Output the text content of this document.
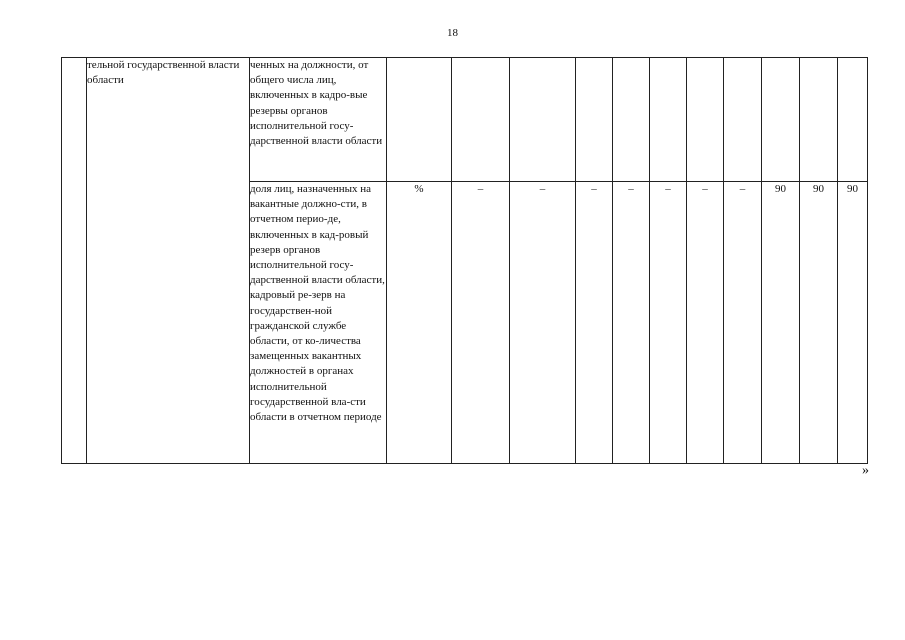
18
	тельной государственной власти области	ченных на должности, от общего числа лиц, включенных в кадро-вые резервы органов исполнительной госу-дарственной власти области											
		доля лиц, назначенных на вакантные должно-сти, в отчетном перио-де, включенных в кад-ровый резерв органов исполнительной госу-дарственной власти области, кадровый ре-зерв на государствен-ной гражданской службе области, от ко-личества замещенных вакантных должностей в органах исполнительной государственной вла-сти области в отчетном периоде	%	–	–	–	–	–	–	–	90	90	90
»
